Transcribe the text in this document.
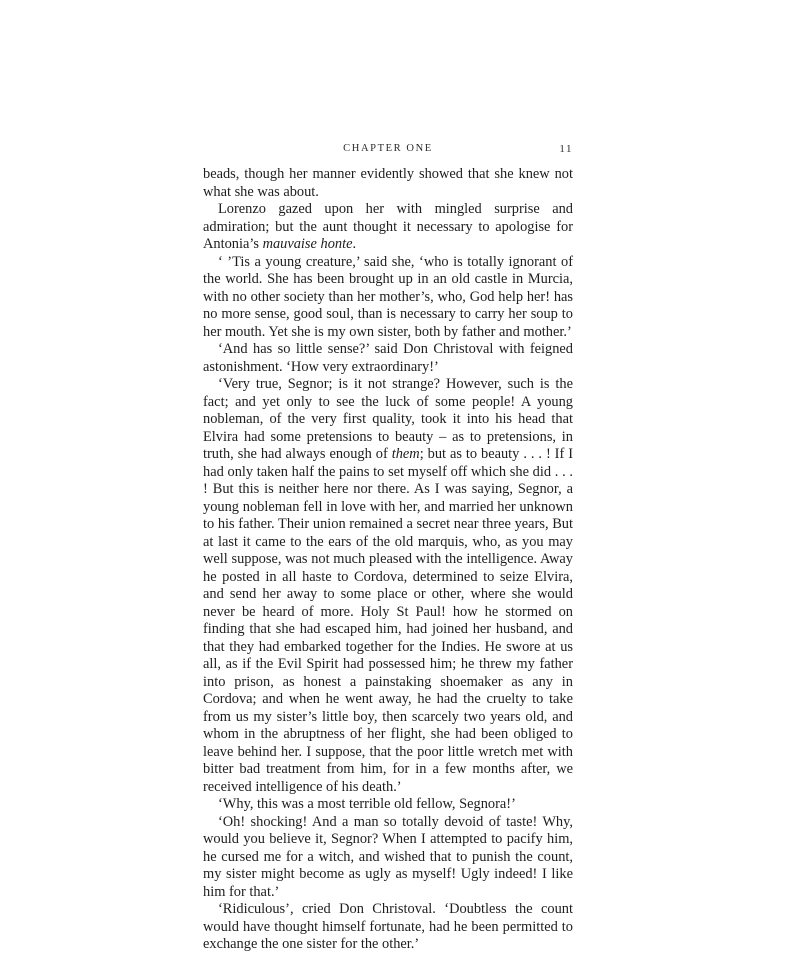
CHAPTER ONE	11

beads, though her manner evidently showed that she knew not what she was about.

Lorenzo gazed upon her with mingled surprise and admiration; but the aunt thought it necessary to apologise for Antonia’s mauvaise honte.

‘ ’Tis a young creature,’ said she, ‘who is totally ignorant of the world. She has been brought up in an old castle in Murcia, with no other society than her mother’s, who, God help her! has no more sense, good soul, than is necessary to carry her soup to her mouth. Yet she is my own sister, both by father and mother.’

‘And has so little sense?’ said Don Christoval with feigned astonishment. ‘How very extraordinary!’

‘Very true, Segnor; is it not strange? However, such is the fact; and yet only to see the luck of some people! A young nobleman, of the very first quality, took it into his head that Elvira had some pretensions to beauty – as to pretensions, in truth, she had always enough of them; but as to beauty . . . ! If I had only taken half the pains to set myself off which she did . . . ! But this is neither here nor there. As I was saying, Segnor, a young nobleman fell in love with her, and married her unknown to his father. Their union remained a secret near three years, But at last it came to the ears of the old marquis, who, as you may well suppose, was not much pleased with the intelligence. Away he posted in all haste to Cordova, determined to seize Elvira, and send her away to some place or other, where she would never be heard of more. Holy St Paul! how he stormed on finding that she had escaped him, had joined her husband, and that they had embarked together for the Indies. He swore at us all, as if the Evil Spirit had possessed him; he threw my father into prison, as honest a painstaking shoemaker as any in Cordova; and when he went away, he had the cruelty to take from us my sister’s little boy, then scarcely two years old, and whom in the abruptness of her flight, she had been obliged to leave behind her. I suppose, that the poor little wretch met with bitter bad treatment from him, for in a few months after, we received intelligence of his death.’

‘Why, this was a most terrible old fellow, Segnora!’

‘Oh! shocking! And a man so totally devoid of taste! Why, would you believe it, Segnor? When I attempted to pacify him, he cursed me for a witch, and wished that to punish the count, my sister might become as ugly as myself! Ugly indeed! I like him for that.’

‘Ridiculous’, cried Don Christoval. ‘Doubtless the count would have thought himself fortunate, had he been permitted to exchange the one sister for the other.’
